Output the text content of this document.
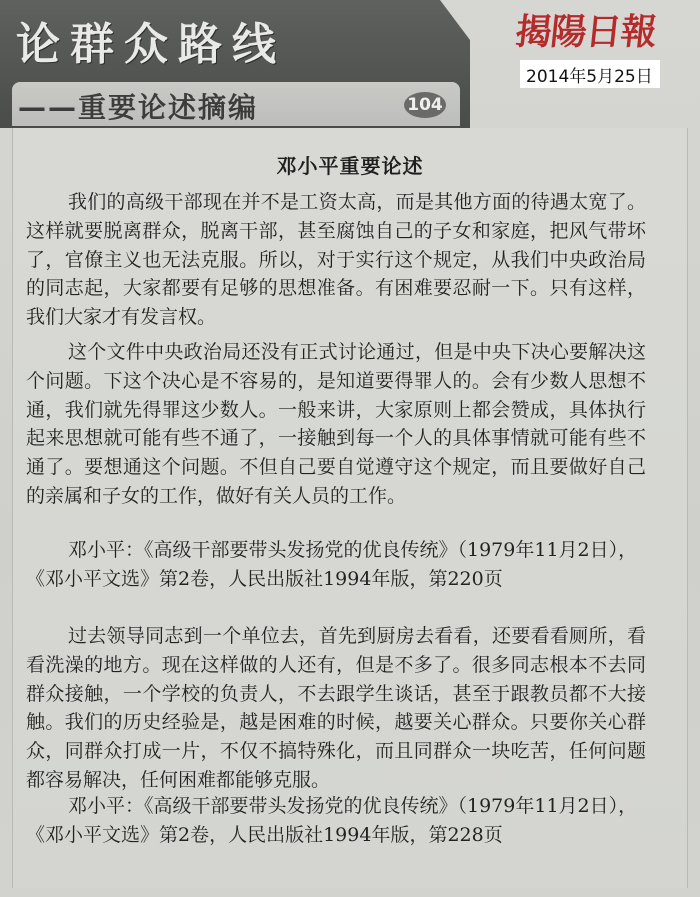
论群众路线
——重要论述摘编	104
揭陽日報
2014年5月25日
邓小平重要论述

我们的高级干部现在并不是工资太高，而是其他方面的待遇太宽了。这样就要脱离群众，脱离干部，甚至腐蚀自己的子女和家庭，把风气带坏了，官僚主义也无法克服。所以，对于实行这个规定，从我们中央政治局的同志起，大家都要有足够的思想准备。有困难要忍耐一下。只有这样，我们大家才有发言权。

这个文件中央政治局还没有正式讨论通过，但是中央下决心要解决这个问题。下这个决心是不容易的，是知道要得罪人的。会有少数人思想不通，我们就先得罪这少数人。一般来讲，大家原则上都会赞成，具体执行起来思想就可能有些不通了，一接触到每一个人的具体事情就可能有些不通了。要想通这个问题。不但自己要自觉遵守这个规定，而且要做好自己的亲属和子女的工作，做好有关人员的工作。

邓小平：《高级干部要带头发扬党的优良传统》（1979年11月2日），《邓小平文选》第2卷，人民出版社1994年版，第220页

过去领导同志到一个单位去，首先到厨房去看看，还要看看厕所，看看洗澡的地方。现在这样做的人还有，但是不多了。很多同志根本不去同群众接触，一个学校的负责人，不去跟学生谈话，甚至于跟教员都不大接触。我们的历史经验是，越是困难的时候，越要关心群众。只要你关心群众，同群众打成一片，不仅不搞特殊化，而且同群众一块吃苦，任何问题都容易解决，任何困难都能够克服。

邓小平：《高级干部要带头发扬党的优良传统》（1979年11月2日），《邓小平文选》第2卷，人民出版社1994年版，第228页
